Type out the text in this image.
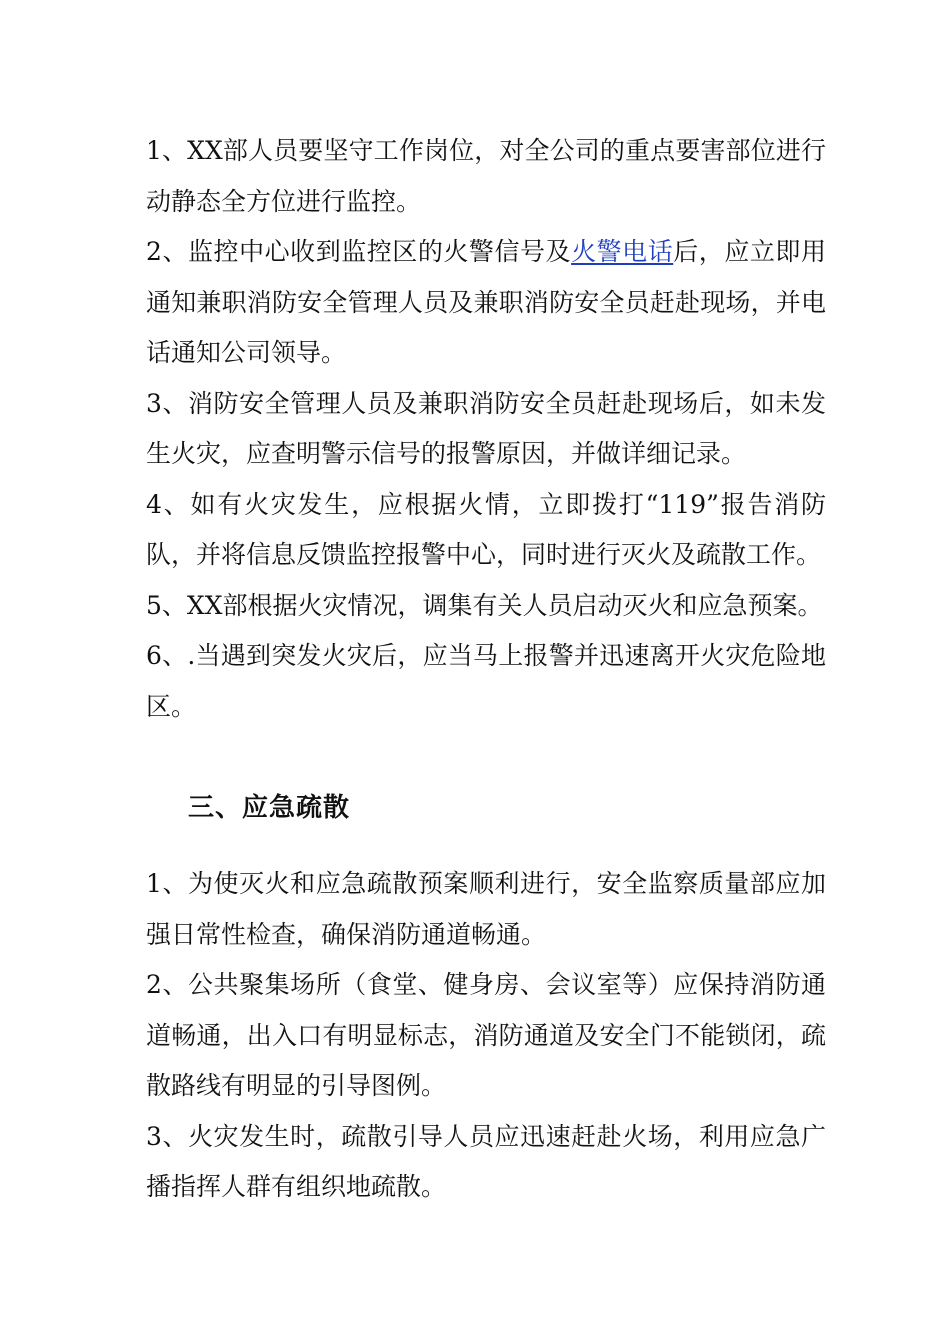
1、XX部人员要坚守工作岗位，对全公司的重点要害部位进行动静态全方位进行监控。

2、监控中心收到监控区的火警信号及火警电话后，应立即用通知兼职消防安全管理人员及兼职消防安全员赶赴现场，并电话通知公司领导。

3、消防安全管理人员及兼职消防安全员赶赴现场后，如未发生火灾，应查明警示信号的报警原因，并做详细记录。

4、如有火灾发生，应根据火情，立即拨打“119”报告消防队，并将信息反馈监控报警中心，同时进行灭火及疏散工作。

5、XX部根据火灾情况，调集有关人员启动灭火和应急预案。

6、.当遇到突发火灾后，应当马上报警并迅速离开火灾危险地区。

三、应急疏散

1、为使灭火和应急疏散预案顺利进行，安全监察质量部应加强日常性检查，确保消防通道畅通。

2、公共聚集场所（食堂、健身房、会议室等）应保持消防通道畅通，出入口有明显标志，消防通道及安全门不能锁闭，疏散路线有明显的引导图例。

3、火灾发生时，疏散引导人员应迅速赶赴火场，利用应急广播指挥人群有组织地疏散。
